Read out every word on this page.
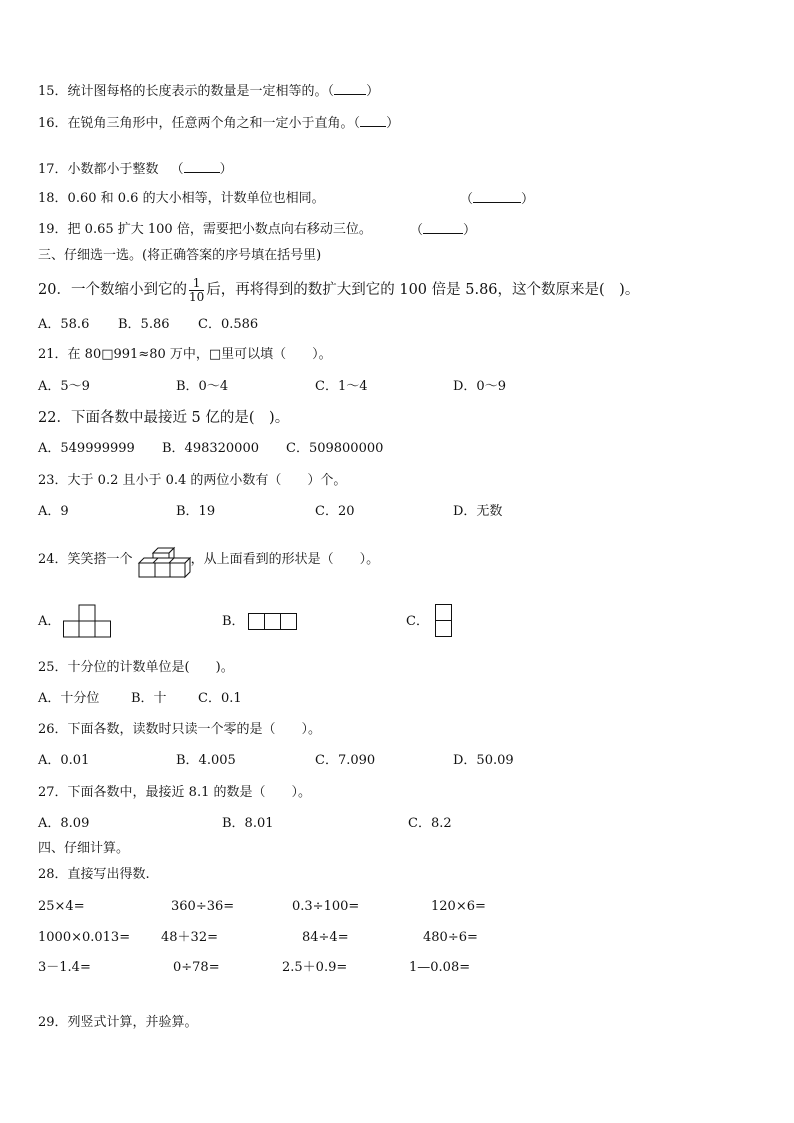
15．统计图每格的长度表示的数量是一定相等的。（ ）
16．在锐角三角形中，任意两个角之和一定小于直角。（ ）
17．小数都小于整数 （	）
18．0.60 和 0.6 的大小相等，计数单位也相同。	（	）
19．把 0.65 扩大 100 倍，需要把小数点向右移动三位。	（	）
三、仔细选一选。(将正确答案的序号填在括号里)
20．一个数缩小到它的 $\frac{1}{10}$ 后，再将得到的数扩大到它的 100 倍是 5.86，这个数原来是(　)。
A．58.6 B．5.86 C．0.586
21．在 80□991≈80 万中，□里可以填（　　）。
A．5～9	B．0～4	C．1～4	D．0～9
22．下面各数中最接近 5 亿的是(　)。
A．549999999 B．498320000 C．509800000
23．大于 0.2 且小于 0.4 的两位小数有（　　）个。
A．9	B．19	C．20	D．无数
24．笑笑搭一个	，从上面看到的形状是（　　）。
A．	B．	C．
25．十分位的计数单位是(　　)。
A．十分位 B．十 C．0.1
26．下面各数，读数时只读一个零的是（　　）。
A．0.01	B．4.005	C．7.090	D．50.09
27．下面各数中，最接近 8.1 的数是（　　）。
A．8.09	B．8.01	C．8.2
四、仔细计算。
28．直接写出得数.
25×4=	360÷36=	0.3÷100=	120×6=
1000×0.013= 48＋32=	84÷4=	480÷6=
3－1.4=	0÷78=	2.5＋0.9=	1—0.08=
29．列竖式计算，并验算。
